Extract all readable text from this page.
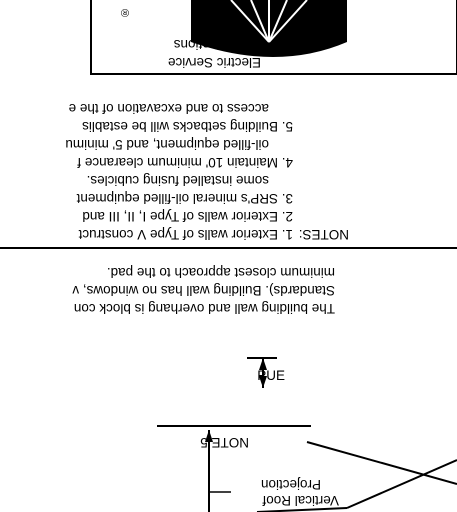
Vertical Roof
Projection
NOTE 5
PUE
minimum closest approach to the pad.
Standards). Building wall has no windows, v
The building wall and overhang is block con
NOTES:
1. Exterior walls of Type V construct
2. Exterior walls of Type I, II, III and
3. SRP's mineral oil-filled equipment
some installed fusing cubicles.
4. Maintain 10' minimum clearance f
oil-filled equipment, and 5' minimu
5. Building setbacks will be establis
access to and excavation of the e
Electric Service
Specifications
®
